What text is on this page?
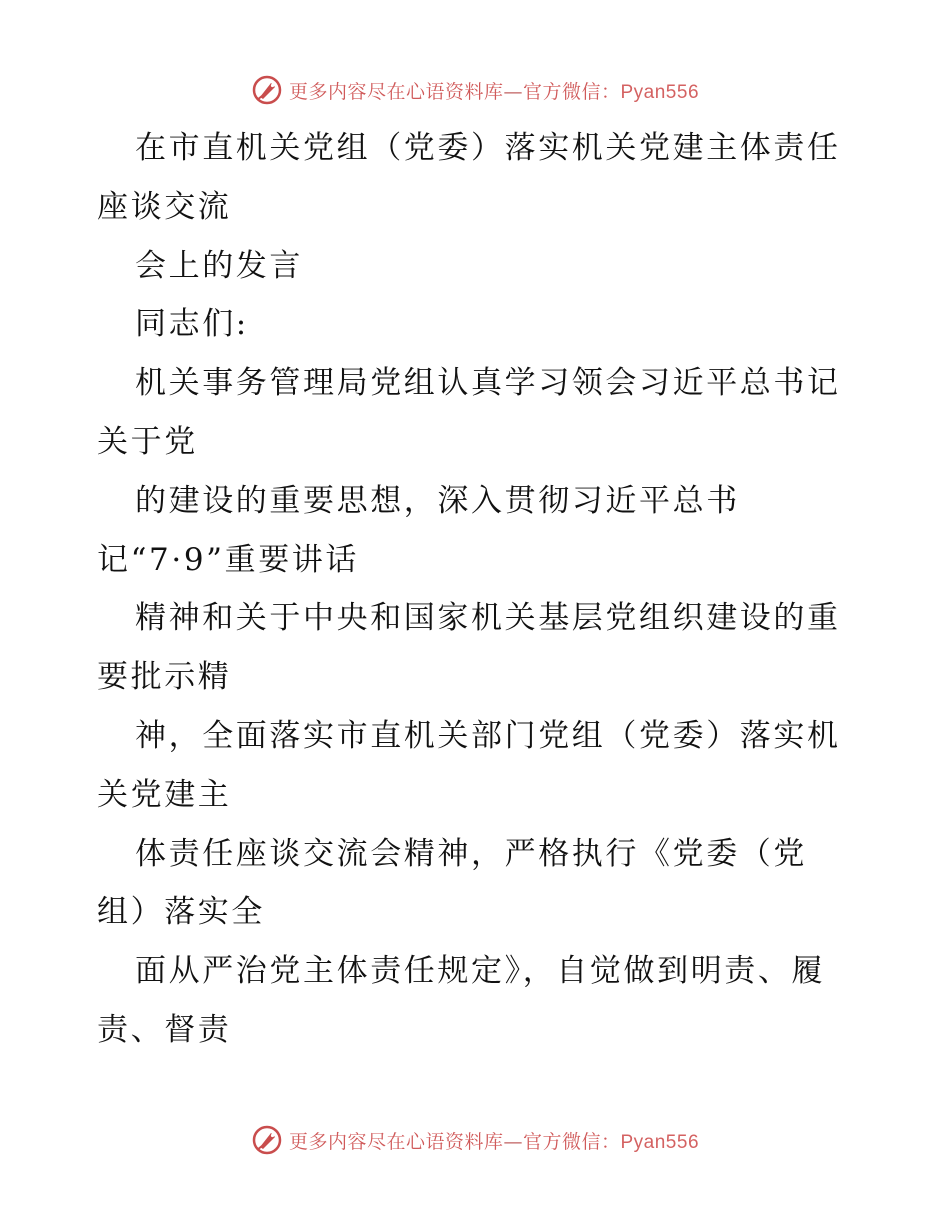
更多内容尽在心语资料库—官方微信：Pyan556
在市直机关党组（党委）落实机关党建主体责任
座谈交流
会上的发言
同志们:
机关事务管理局党组认真学习领会习近平总书记
关于党
的建设的重要思想，深入贯彻习近平总书
记“7·9”重要讲话
精神和关于中央和国家机关基层党组织建设的重
要批示精
神，全面落实市直机关部门党组（党委）落实机
关党建主
体责任座谈交流会精神，严格执行《党委（党
组）落实全
面从严治党主体责任规定》，自觉做到明责、履
责、督责
更多内容尽在心语资料库—官方微信：Pyan556
